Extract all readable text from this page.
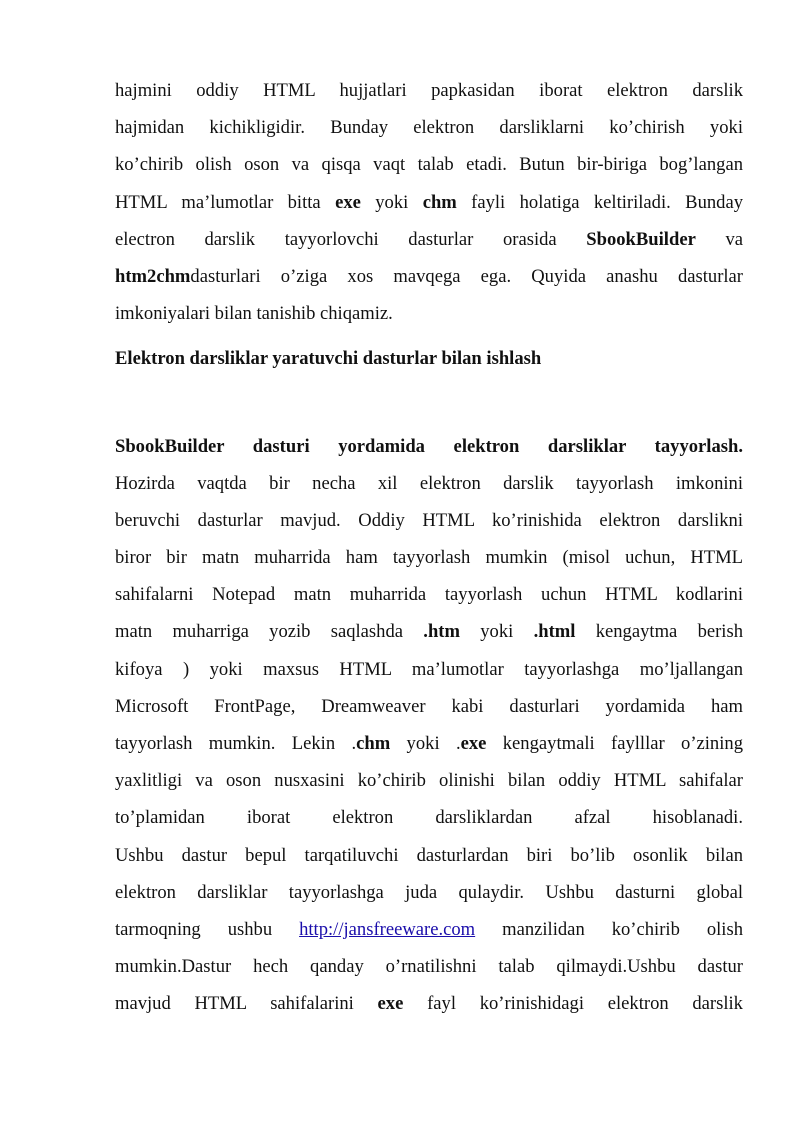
hajmini oddiy HTML hujjatlari papkasidan iborat elektron darslik
hajmidan kichikligidir. Bunday elektron darsliklarni ko’chirish yoki
ko’chirib olish oson va qisqa vaqt talab etadi. Butun bir-biriga bog’langan
HTML ma’lumotlar bitta exe yoki chm fayli holatiga keltiriladi. Bunday
electron darslik tayyorlovchi dasturlar orasida SbookBuilder va
htm2chmdasturlari o’ziga xos mavqega ega. Quyida anashu dasturlar
imkoniyalari bilan tanishib chiqamiz.
Elektron darsliklar yaratuvchi dasturlar bilan ishlash
SbookBuilder dasturi yordamida elektron darsliklar tayyorlash.
Hozirda vaqtda bir necha xil elektron darslik tayyorlash imkonini
beruvchi dasturlar mavjud. Oddiy HTML ko’rinishida elektron darslikni
biror bir matn muharrida ham tayyorlash mumkin (misol uchun, HTML
sahifalarni Notepad matn muharrida tayyorlash uchun HTML kodlarini
matn muharriga yozib saqlashda .htm yoki .html kengaytma berish
kifoya ) yoki maxsus HTML ma’lumotlar tayyorlashga mo’ljallangan
Microsoft FrontPage, Dreamweaver kabi dasturlari yordamida ham
tayyorlash mumkin. Lekin .chm yoki .exe kengaytmali faylllar o’zining
yaxlitligi va oson nusxasini ko’chirib olinishi bilan oddiy HTML sahifalar
to’plamidan iborat elektron darsliklardan afzal hisoblanadi.
Ushbu dastur bepul tarqatiluvchi dasturlardan biri bo’lib osonlik bilan
elektron darsliklar tayyorlashga juda qulaydir. Ushbu dasturni global
tarmoqning ushbu http://jansfreeware.com manzilidan ko’chirib olish
mumkin.Dastur hech qanday o’rnatilishni talab qilmaydi.Ushbu dastur
mavjud HTML sahifalarini exe fayl ko’rinishidagi elektron darslik
